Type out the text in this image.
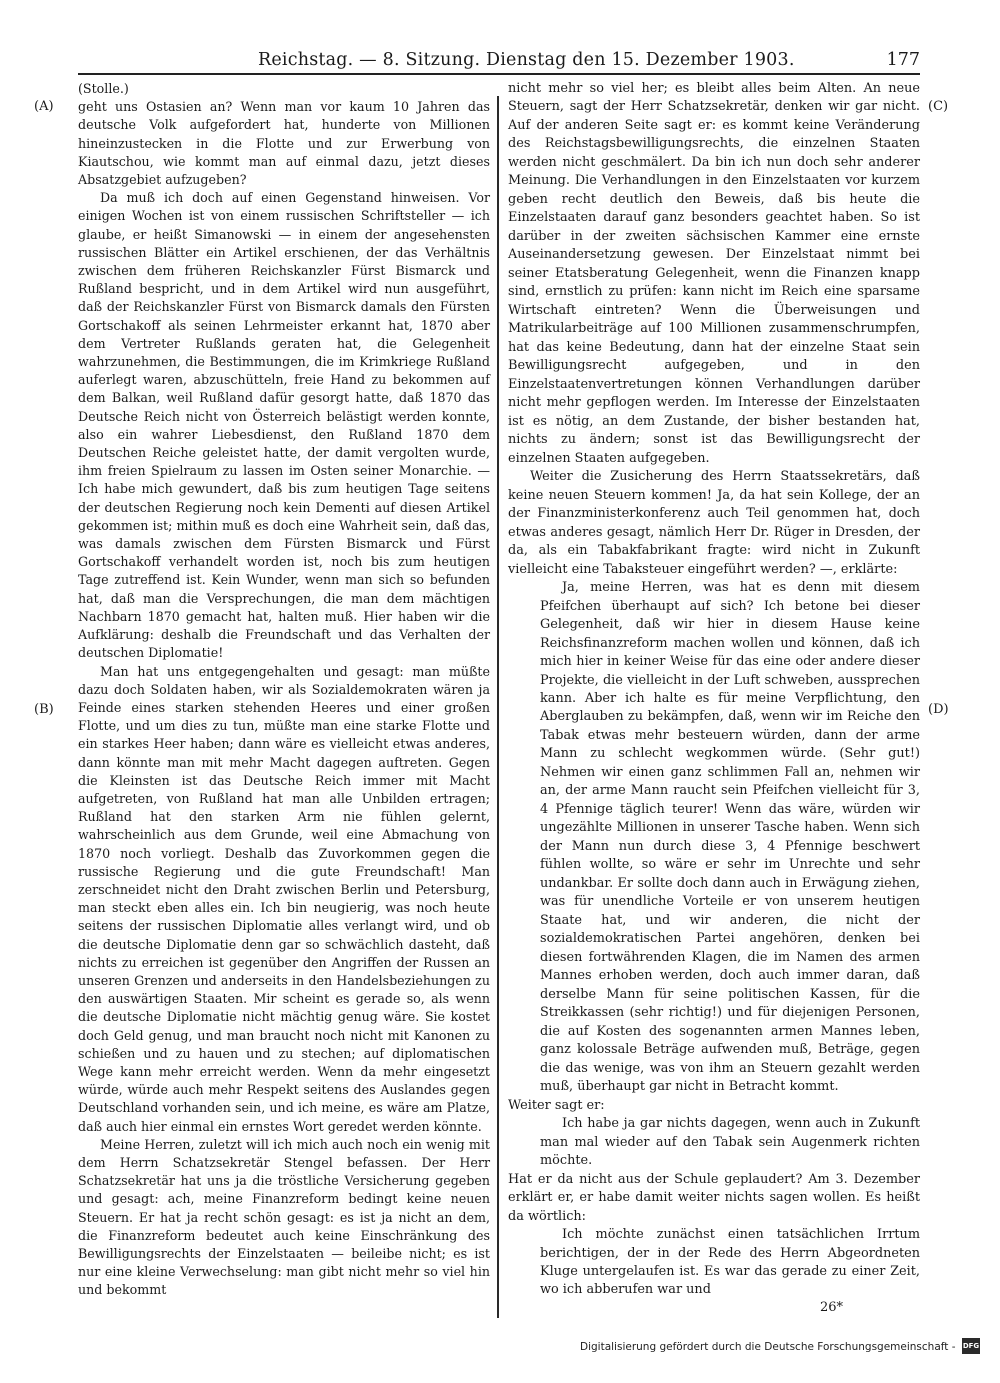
Reichstag. — 8. Sitzung. Dienstag den 15. Dezember 1903.	177
(A)
(B)
(C)
(D)

(Stolle.)

geht uns Ostasien an? Wenn man vor kaum 10 Jahren das deutsche Volk aufgefordert hat, hunderte von Millionen hineinzustecken in die Flotte und zur Erwerbung von Kiautschou, wie kommt man auf einmal dazu, jetzt dieses Absatzgebiet aufzugeben?

Da muß ich doch auf einen Gegenstand hinweisen. Vor einigen Wochen ist von einem russischen Schriftsteller — ich glaube, er heißt Simanowski — in einem der angesehensten russischen Blätter ein Artikel erschienen, der das Verhältnis zwischen dem früheren Reichskanzler Fürst Bismarck und Rußland bespricht, und in dem Artikel wird nun ausgeführt, daß der Reichskanzler Fürst von Bismarck damals den Fürsten Gortschakoff als seinen Lehrmeister erkannt hat, 1870 aber dem Vertreter Rußlands geraten hat, die Gelegenheit wahrzunehmen, die Bestimmungen, die im Krimkriege Rußland auferlegt waren, abzuschütteln, freie Hand zu bekommen auf dem Balkan, weil Rußland dafür gesorgt hatte, daß 1870 das Deutsche Reich nicht von Österreich belästigt werden konnte, also ein wahrer Liebesdienst, den Rußland 1870 dem Deutschen Reiche geleistet hatte, der damit vergolten wurde, ihm freien Spielraum zu lassen im Osten seiner Monarchie. — Ich habe mich gewundert, daß bis zum heutigen Tage seitens der deutschen Regierung noch kein Dementi auf diesen Artikel gekommen ist; mithin muß es doch eine Wahrheit sein, daß das, was damals zwischen dem Fürsten Bismarck und Fürst Gortschakoff verhandelt worden ist, noch bis zum heutigen Tage zutreffend ist. Kein Wunder, wenn man sich so befunden hat, daß man die Versprechungen, die man dem mächtigen Nachbarn 1870 gemacht hat, halten muß. Hier haben wir die Aufklärung: deshalb die Freundschaft und das Verhalten der deutschen Diplomatie!

Man hat uns entgegengehalten und gesagt: man müßte dazu doch Soldaten haben, wir als Sozialdemokraten wären ja Feinde eines starken stehenden Heeres und einer großen Flotte, und um dies zu tun, müßte man eine starke Flotte und ein starkes Heer haben; dann wäre es vielleicht etwas anderes, dann könnte man mit mehr Macht dagegen auftreten. Gegen die Kleinsten ist das Deutsche Reich immer mit Macht aufgetreten, von Rußland hat man alle Unbilden ertragen; Rußland hat den starken Arm nie fühlen gelernt, wahrscheinlich aus dem Grunde, weil eine Abmachung von 1870 noch vorliegt. Deshalb das Zuvorkommen gegen die russische Regierung und die gute Freundschaft! Man zerschneidet nicht den Draht zwischen Berlin und Petersburg, man steckt eben alles ein. Ich bin neugierig, was noch heute seitens der russischen Diplomatie alles verlangt wird, und ob die deutsche Diplomatie denn gar so schwächlich dasteht, daß nichts zu erreichen ist gegenüber den Angriffen der Russen an unseren Grenzen und anderseits in den Handelsbeziehungen zu den auswärtigen Staaten. Mir scheint es gerade so, als wenn die deutsche Diplomatie nicht mächtig genug wäre. Sie kostet doch Geld genug, und man braucht noch nicht mit Kanonen zu schießen und zu hauen und zu stechen; auf diplomatischen Wege kann mehr erreicht werden. Wenn da mehr eingesetzt würde, würde auch mehr Respekt seitens des Auslandes gegen Deutschland vorhanden sein, und ich meine, es wäre am Platze, daß auch hier einmal ein ernstes Wort geredet werden könnte.

Meine Herren, zuletzt will ich mich auch noch ein wenig mit dem Herrn Schatzsekretär Stengel befassen. Der Herr Schatzsekretär hat uns ja die tröstliche Versicherung gegeben und gesagt: ach, meine Finanzreform bedingt keine neuen Steuern. Er hat ja recht schön gesagt: es ist ja nicht an dem, die Finanzreform bedeutet auch keine Einschränkung des Bewilligungsrechts der Einzelstaaten — beileibe nicht; es ist nur eine kleine Verwechselung: man gibt nicht mehr so viel hin und bekommt

nicht mehr so viel her; es bleibt alles beim Alten. An neue Steuern, sagt der Herr Schatzsekretär, denken wir gar nicht. Auf der anderen Seite sagt er: es kommt keine Veränderung des Reichstagsbewilligungsrechts, die einzelnen Staaten werden nicht geschmälert. Da bin ich nun doch sehr anderer Meinung. Die Verhandlungen in den Einzelstaaten vor kurzem geben recht deutlich den Beweis, daß bis heute die Einzelstaaten darauf ganz besonders geachtet haben. So ist darüber in der zweiten sächsischen Kammer eine ernste Auseinandersetzung gewesen. Der Einzelstaat nimmt bei seiner Etatsberatung Gelegenheit, wenn die Finanzen knapp sind, ernstlich zu prüfen: kann nicht im Reich eine sparsame Wirtschaft eintreten? Wenn die Überweisungen und Matrikularbeiträge auf 100 Millionen zusammenschrumpfen, hat das keine Bedeutung, dann hat der einzelne Staat sein Bewilligungsrecht aufgegeben, und in den Einzelstaatenvertretungen können Verhandlungen darüber nicht mehr gepflogen werden. Im Interesse der Einzelstaaten ist es nötig, an dem Zustande, der bisher bestanden hat, nichts zu ändern; sonst ist das Bewilligungsrecht der einzelnen Staaten aufgegeben.

Weiter die Zusicherung des Herrn Staatssekretärs, daß keine neuen Steuern kommen! Ja, da hat sein Kollege, der an der Finanzministerkonferenz auch Teil genommen hat, doch etwas anderes gesagt, nämlich Herr Dr. Rüger in Dresden, der da, als ein Tabakfabrikant fragte: wird nicht in Zukunft vielleicht eine Tabaksteuer eingeführt werden? —, erklärte:

Ja, meine Herren, was hat es denn mit diesem Pfeifchen überhaupt auf sich? Ich betone bei dieser Gelegenheit, daß wir hier in diesem Hause keine Reichsfinanzreform machen wollen und können, daß ich mich hier in keiner Weise für das eine oder andere dieser Projekte, die vielleicht in der Luft schweben, aussprechen kann. Aber ich halte es für meine Verpflichtung, den Aberglauben zu bekämpfen, daß, wenn wir im Reiche den Tabak etwas mehr besteuern würden, dann der arme Mann zu schlecht wegkommen würde. (Sehr gut!) Nehmen wir einen ganz schlimmen Fall an, nehmen wir an, der arme Mann raucht sein Pfeifchen vielleicht für 3, 4 Pfennige täglich teurer! Wenn das wäre, würden wir ungezählte Millionen in unserer Tasche haben. Wenn sich der Mann nun durch diese 3, 4 Pfennige beschwert fühlen wollte, so wäre er sehr im Unrechte und sehr undankbar. Er sollte doch dann auch in Erwägung ziehen, was für unendliche Vorteile er von unserem heutigen Staate hat, und wir anderen, die nicht der sozialdemokratischen Partei angehören, denken bei diesen fortwährenden Klagen, die im Namen des armen Mannes erhoben werden, doch auch immer daran, daß derselbe Mann für seine politischen Kassen, für die Streikkassen (sehr richtig!) und für diejenigen Personen, die auf Kosten des sogenannten armen Mannes leben, ganz kolossale Beträge aufwenden muß, Beträge, gegen die das wenige, was von ihm an Steuern gezahlt werden muß, überhaupt gar nicht in Betracht kommt.

Weiter sagt er:

Ich habe ja gar nichts dagegen, wenn auch in Zukunft man mal wieder auf den Tabak sein Augenmerk richten möchte.

Hat er da nicht aus der Schule geplaudert? Am 3. Dezember erklärt er, er habe damit weiter nichts sagen wollen. Es heißt da wörtlich:

Ich möchte zunächst einen tatsächlichen Irrtum berichtigen, der in der Rede des Herrn Abgeordneten Kluge untergelaufen ist. Es war das gerade zu einer Zeit, wo ich abberufen war und

26*
Digitalisierung gefördert durch die Deutsche Forschungsgemeinschaft - DFG
